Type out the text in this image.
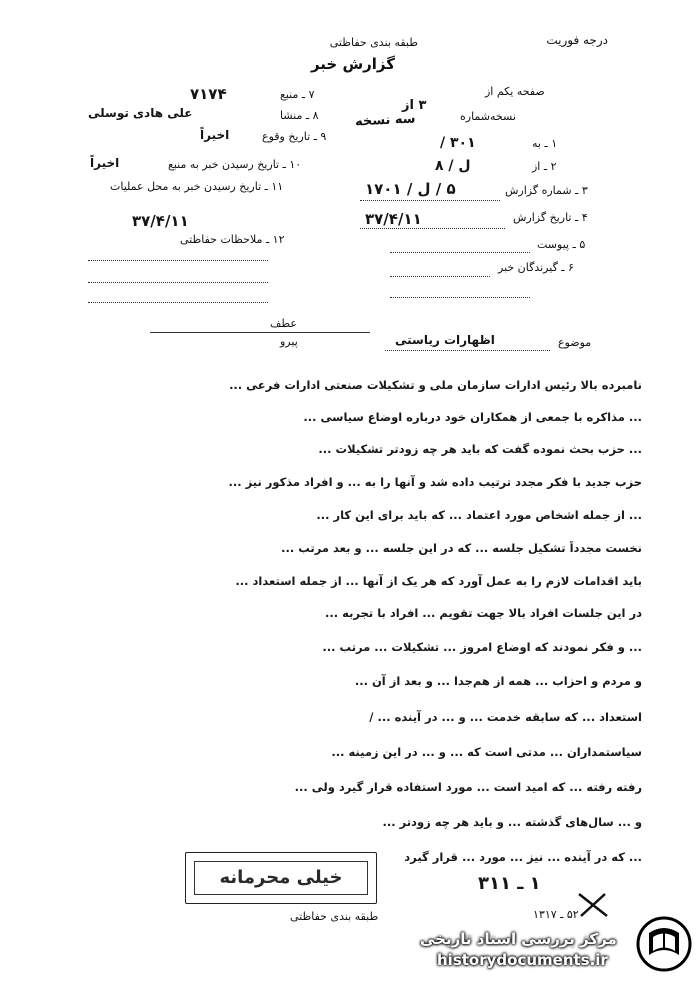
درجه فوریت
طبقه بندی حفاظتی
گزارش خبر
صفحه یکم از
نسخه‌شماره
۳ از
سه نسخه
۱ ـ به
۳۰۱ /
۲ ـ از
ل / ۸
۳ ـ شماره گزارش
۵ / ل / ۱۷۰۱
۴ ـ تاریخ گزارش
۳۷/۴/۱۱
۵ ـ پیوست
۶ ـ گیرندگان خبر
۷ ـ منبع
۷۱۷۴
۸ ـ منشا
علی هادی توسلی
۹ ـ تاریخ وقوع
اخیراً
۱۰ ـ تاریخ رسیدن خبر به منبع
اخیراً
۱۱ ـ تاریخ رسیدن خبر به محل عملیات
۳۷/۴/۱۱
۱۲ ـ ملاحظات حفاظتی
عطف
پیرو	موضوع
اظهارات ریاستی
نامبرده بالا رئیس ادارات سازمان ملی و تشکیلات صنعتی ادارات فرعی ...
... مذاکره با جمعی از همکاران خود درباره اوضاع سیاسی ...
... حزب بحث نموده گفت که باید هر چه زودتر تشکیلات ...
حزب جدید با فکر مجدد ترتیب داده شد و آنها را به ... و افراد مذکور نیز ...
... از جمله اشخاص مورد اعتماد ... که باید برای این کار ...
نخست مجدداً تشکیل جلسه ... که در این جلسه ... و بعد مرتب ...
باید اقدامات لازم را به عمل آورد که هر یک از آنها ... از جمله استعداد ...
در این جلسات افراد بالا جهت تقویم ... افراد با تجربه ...
... و فکر نمودند که اوضاع امروز ... تشکیلات ... مرتب ...
و مردم و احزاب ... همه از هم‌جدا ... و بعد از آن ...
استعداد ... که سابقه خدمت ... و ... در آینده ... /
سیاستمداران ... مدتی است که ... و ... در این زمینه ...
رفته رفته ... که امید است ... مورد استفاده قرار گیرد ولی ...
و ... سال‌های گذشته ... و باید هر چه زودتر ...
... که در آینده ... نیز ... مورد ... قرار گیرد
خیلی محرمانه	۱ ـ ۳۱۱
۵۲ ـ ۱۳۱۷
طبقه بندی حفاظتی
مرکز بررسی اسناد تاریخی
historydocuments.ir
